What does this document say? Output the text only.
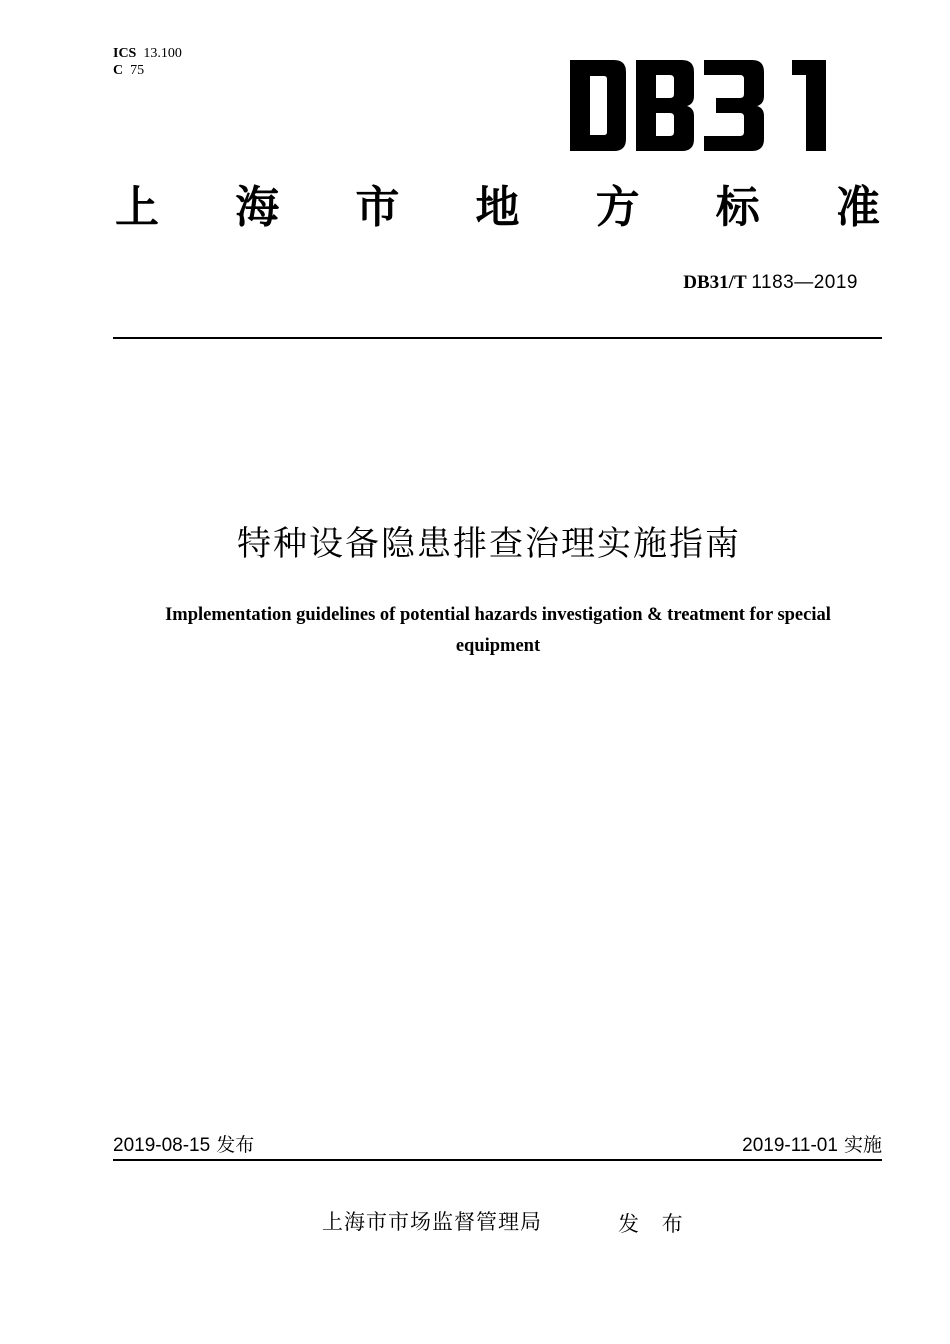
ICS 13.100
C 75
上 海 市 地 方 标 准
DB31/T 1183—2019
特种设备隐患排查治理实施指南
Implementation guidelines of potential hazards investigation & treatment for special equipment
2019-08-15 发布	2019-11-01 实施
上海市市场监督管理局	发 布
